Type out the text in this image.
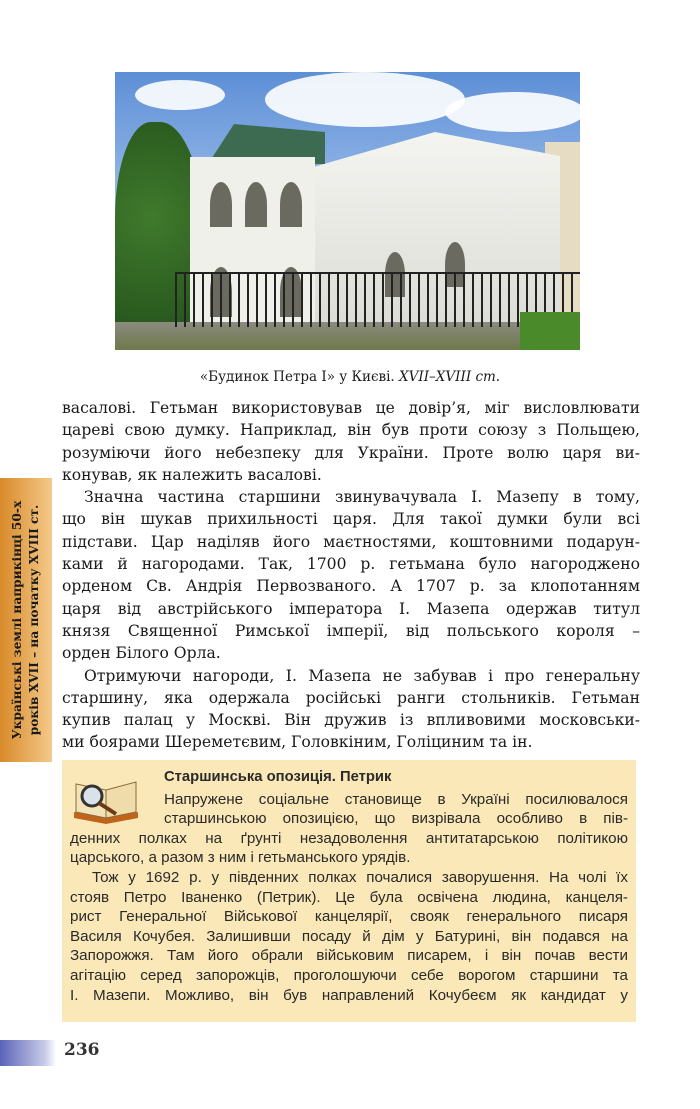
«Будинок Петра I» у Києві. XVII–XVIII ст.
Українські землі наприкінці 50-х років XVII – на початку XVIII ст.
васалові. Гетьман використовував це довір’я, міг висловлювати
цареві свою думку. Наприклад, він був проти союзу з Польщею,
розуміючи його небезпеку для України. Проте волю царя ви-
конував, як належить васалові.
Значна частина старшини звинувачувала І. Мазепу в тому,
що він шукав прихильності царя. Для такої думки були всі
підстави. Цар наділяв його маєтностями, коштовними подарун-
ками й нагородами. Так, 1700 р. гетьмана було нагороджено
орденом Св. Андрія Первозваного. А 1707 р. за клопотанням
царя від австрійського імператора І. Мазепа одержав титул
князя Священної Римської імперії, від польського короля –
орден Білого Орла.
Отримуючи нагороди, І. Мазепа не забував і про генеральну
старшину, яка одержала російські ранги стольників. Гетьман
купив палац у Москві. Він дружив із впливовими московськи-
ми боярами Шереметєвим, Головкіним, Голіциним та ін.
Старшинська опозиція. Петрик
Напружене соціальне становище в Україні посилювалося
старшинською опозицією, що визрівала особливо в пів-
денних полках на ґрунті незадоволення антитатарською політикою
царського, а разом з ним і гетьманського урядів.
Тож у 1692 р. у південних полках почалися заворушення. На чолі їх
стояв Петро Іваненко (Петрик). Це була освічена людина, канцеля-
рист Генеральної Військової канцелярії, свояк генерального писаря
Василя Кочубея. Залишивши посаду й дім у Батурині, він подався на
Запорожжя. Там його обрали військовим писарем, і він почав вести
агітацію серед запорожців, проголошуючи себе ворогом старшини та
І. Мазепи. Можливо, він був направлений Кочубеєм як кандидат у
236
